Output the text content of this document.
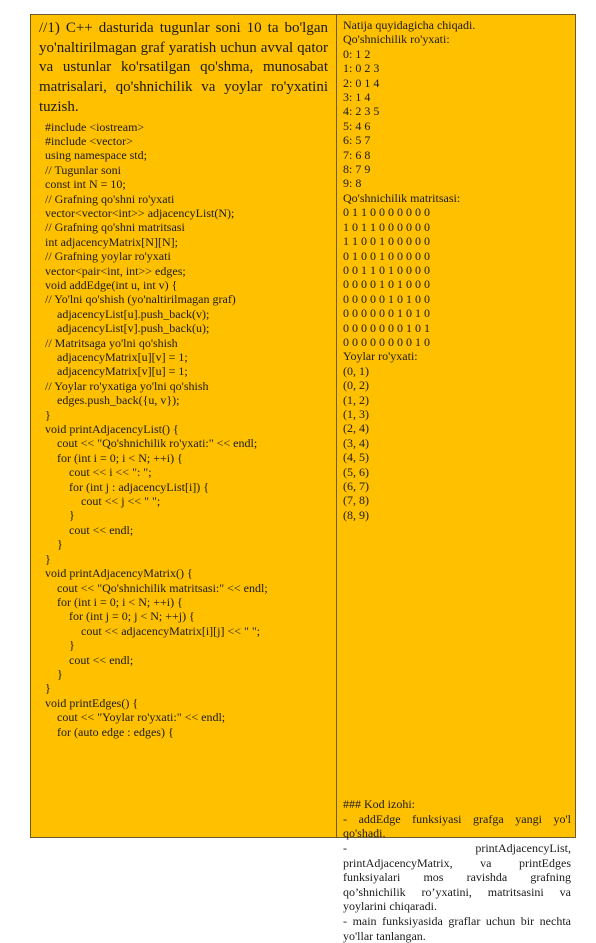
//1) C++ dasturida tugunlar soni 10 ta bo'lgan yo'naltirilmagan graf yaratish uchun avval qator va ustunlar ko'rsatilgan qo'shma, munosabat matrisalari, qo'shnichilik va yoylar ro'yxatini tuzish.
#include <iostream>
#include <vector>
using namespace std;
// Tugunlar soni
const int N = 10;
// Grafning qo'shni ro'yxati
vector<vector<int>> adjacencyList(N);
// Grafning qo'shni matritsasi
int adjacencyMatrix[N][N];
// Grafning yoylar ro'yxati
vector<pair<int, int>> edges;
void addEdge(int u, int v) {
// Yo'lni qo'shish (yo'naltirilmagan graf)
adjacencyList[u].push_back(v);
adjacencyList[v].push_back(u);
// Matritsaga yo'lni qo'shish
adjacencyMatrix[u][v] = 1;
adjacencyMatrix[v][u] = 1;
// Yoylar ro'yxatiga yo'lni qo'shish
edges.push_back({u, v});
}
void printAdjacencyList() {
cout << "Qo'shnichilik ro'yxati:" << endl;
for (int i = 0; i < N; ++i) {
cout << i << ": ";
for (int j : adjacencyList[i]) {
cout << j << " ";
}
cout << endl;
}
}
void printAdjacencyMatrix() {
cout << "Qo'shnichilik matritsasi:" << endl;
for (int i = 0; i < N; ++i) {
for (int j = 0; j < N; ++j) {
cout << adjacencyMatrix[i][j] << " ";
}
cout << endl;
}
}
void printEdges() {
cout << "Yoylar ro'yxati:" << endl;
for (auto edge : edges) {
Natija quyidagicha chiqadi.
Qo'shnichilik ro'yxati:
0: 1 2
1: 0 2 3
2: 0 1 4
3: 1 4
4: 2 3 5
5: 4 6
6: 5 7
7: 6 8
8: 7 9
9: 8
Qo'shnichilik matritsasi:
0 1 1 0 0 0 0 0 0 0
1 0 1 1 0 0 0 0 0 0
1 1 0 0 1 0 0 0 0 0
0 1 0 0 1 0 0 0 0 0
0 0 1 1 0 1 0 0 0 0
0 0 0 0 1 0 1 0 0 0
0 0 0 0 0 1 0 1 0 0
0 0 0 0 0 0 1 0 1 0
0 0 0 0 0 0 0 1 0 1
0 0 0 0 0 0 0 0 1 0
Yoylar ro'yxati:
(0, 1)
(0, 2)
(1, 2)
(1, 3)
(2, 4)
(3, 4)
(4, 5)
(5, 6)
(6, 7)
(7, 8)
(8, 9)
### Kod izohi:
- addEdge funksiyasi grafga yangi yo'l qo'shadi.
- printAdjacencyList,
printAdjacencyMatrix, va printEdges funksiyalari mos ravishda grafning qo’shnichilik ro’yxatini, matritsasini va yoylarini chiqaradi.
- main funksiyasida graflar uchun bir nechta yo'llar tanlangan.
